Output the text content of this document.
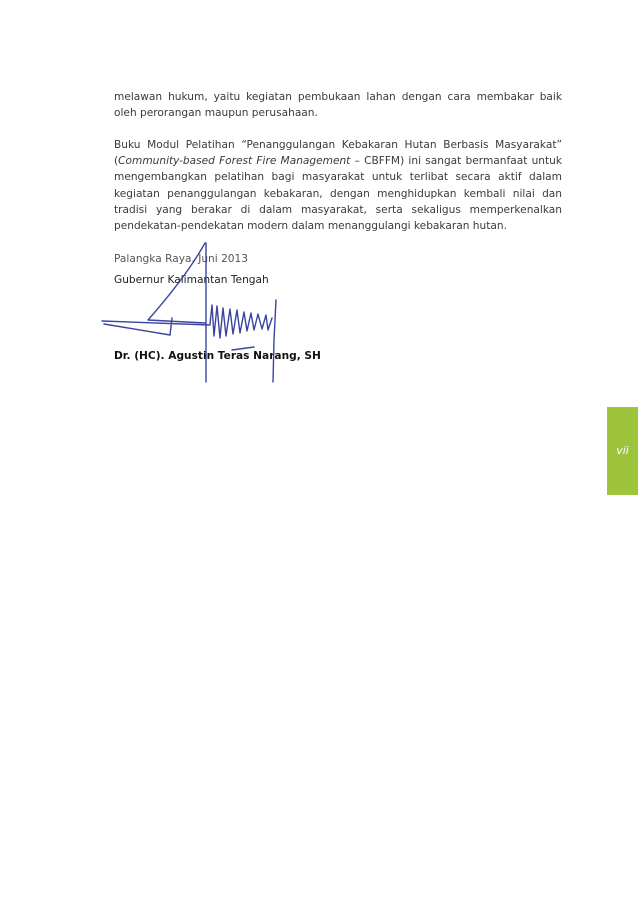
melawan hukum, yaitu kegiatan pembukaan lahan dengan cara membakar baik oleh perorangan maupun perusahaan.

Buku Modul Pelatihan “Penanggulangan Kebakaran Hutan Berbasis Masyarakat” (Community-based Forest Fire Management – CBFFM) ini sangat bermanfaat untuk mengembangkan pelatihan bagi masyarakat untuk terlibat secara aktif dalam kegiatan penanggulangan kebakaran, dengan menghidupkan kembali nilai dan tradisi yang berakar di dalam masyarakat, serta sekaligus memperkenalkan pendekatan-pendekatan modern dalam menanggulangi kebakaran hutan.

Palangka Raya, Juni 2013
Gubernur Kalimantan Tengah
Dr. (HC). Agustin Teras Narang, SH
vii
